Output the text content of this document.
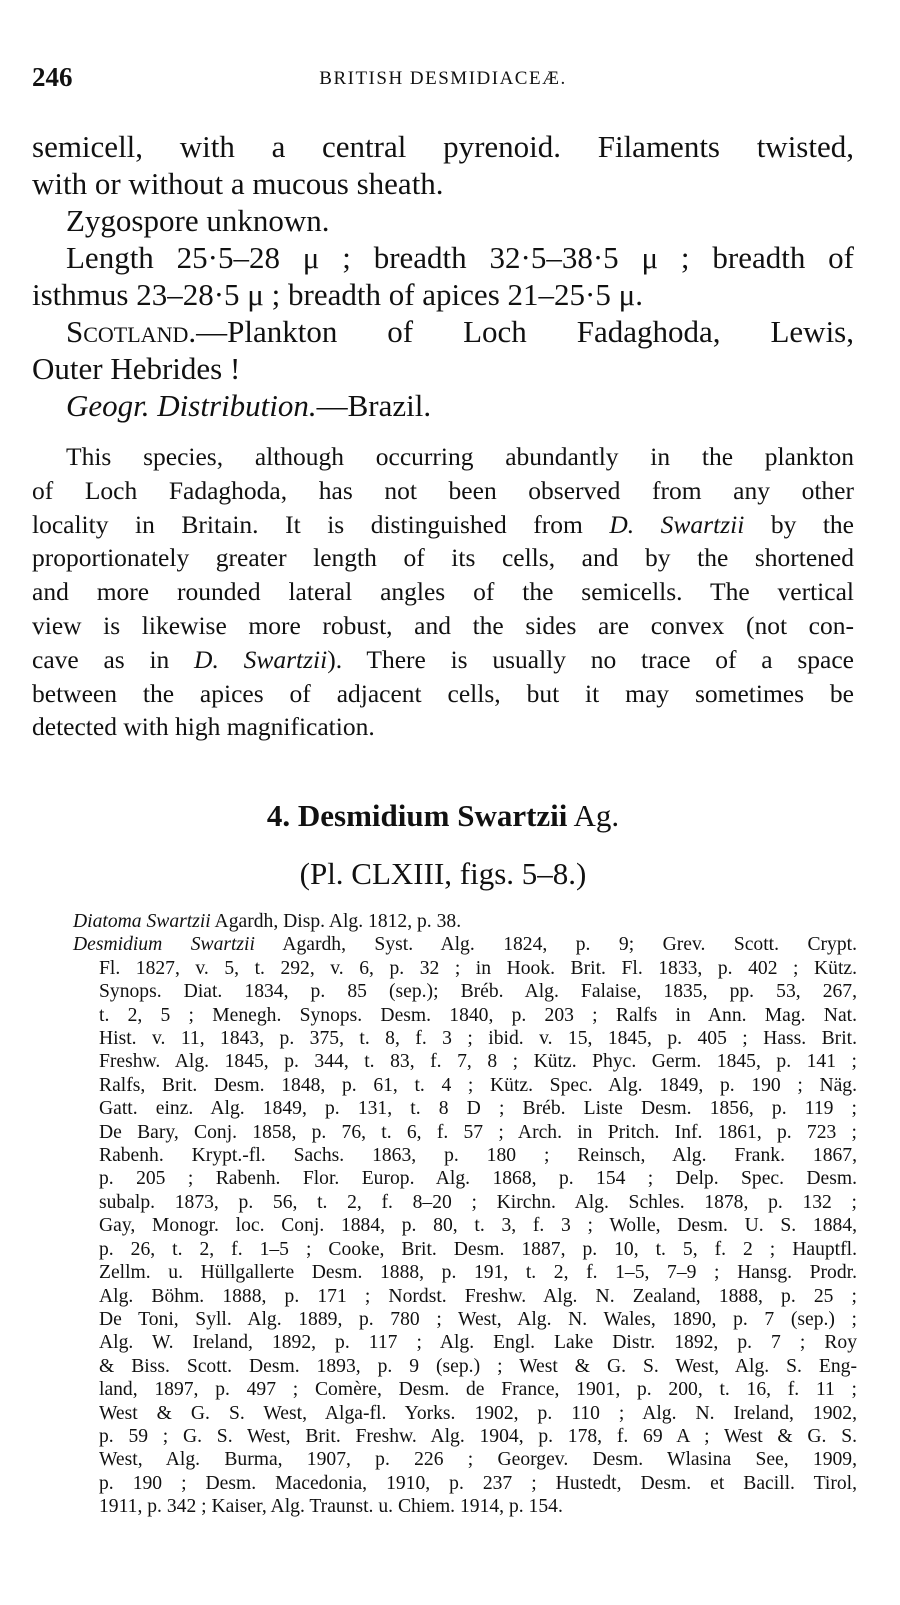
246	BRITISH DESMIDIACEÆ.
semicell, with a central pyrenoid. Filaments twisted,
with or without a mucous sheath.
Zygospore unknown.
Length 25·5–28 μ ; breadth 32·5–38·5 μ ; breadth of
isthmus 23–28·5 μ ; breadth of apices 21–25·5 μ.
Scotland.—Plankton of Loch Fadaghoda, Lewis,
Outer Hebrides !
Geogr. Distribution.—Brazil.
This species, although occurring abundantly in the plankton
of Loch Fadaghoda, has not been observed from any other
locality in Britain. It is distinguished from D. Swartzii by the
proportionately greater length of its cells, and by the shortened
and more rounded lateral angles of the semicells. The vertical
view is likewise more robust, and the sides are convex (not con-
cave as in D. Swartzii). There is usually no trace of a space
between the apices of adjacent cells, but it may sometimes be
detected with high magnification.
4. Desmidium Swartzii Ag.
(Pl. CLXIII, figs. 5–8.)
Diatoma Swartzii Agardh, Disp. Alg. 1812, p. 38.
Desmidium Swartzii Agardh, Syst. Alg. 1824, p. 9; Grev. Scott. Crypt.
Fl. 1827, v. 5, t. 292, v. 6, p. 32 ; in Hook. Brit. Fl. 1833, p. 402 ; Kütz.
Synops. Diat. 1834, p. 85 (sep.); Bréb. Alg. Falaise, 1835, pp. 53, 267,
t. 2, 5 ; Menegh. Synops. Desm. 1840, p. 203 ; Ralfs in Ann. Mag. Nat.
Hist. v. 11, 1843, p. 375, t. 8, f. 3 ; ibid. v. 15, 1845, p. 405 ; Hass. Brit.
Freshw. Alg. 1845, p. 344, t. 83, f. 7, 8 ; Kütz. Phyc. Germ. 1845, p. 141 ;
Ralfs, Brit. Desm. 1848, p. 61, t. 4 ; Kütz. Spec. Alg. 1849, p. 190 ; Näg.
Gatt. einz. Alg. 1849, p. 131, t. 8 D ; Bréb. Liste Desm. 1856, p. 119 ;
De Bary, Conj. 1858, p. 76, t. 6, f. 57 ; Arch. in Pritch. Inf. 1861, p. 723 ;
Rabenh. Krypt.-fl. Sachs. 1863, p. 180 ; Reinsch, Alg. Frank. 1867,
p. 205 ; Rabenh. Flor. Europ. Alg. 1868, p. 154 ; Delp. Spec. Desm.
subalp. 1873, p. 56, t. 2, f. 8–20 ; Kirchn. Alg. Schles. 1878, p. 132 ;
Gay, Monogr. loc. Conj. 1884, p. 80, t. 3, f. 3 ; Wolle, Desm. U. S. 1884,
p. 26, t. 2, f. 1–5 ; Cooke, Brit. Desm. 1887, p. 10, t. 5, f. 2 ; Hauptfl.
Zellm. u. Hüllgallerte Desm. 1888, p. 191, t. 2, f. 1–5, 7–9 ; Hansg. Prodr.
Alg. Böhm. 1888, p. 171 ; Nordst. Freshw. Alg. N. Zealand, 1888, p. 25 ;
De Toni, Syll. Alg. 1889, p. 780 ; West, Alg. N. Wales, 1890, p. 7 (sep.) ;
Alg. W. Ireland, 1892, p. 117 ; Alg. Engl. Lake Distr. 1892, p. 7 ; Roy
& Biss. Scott. Desm. 1893, p. 9 (sep.) ; West & G. S. West, Alg. S. Eng-
land, 1897, p. 497 ; Comère, Desm. de France, 1901, p. 200, t. 16, f. 11 ;
West & G. S. West, Alga-fl. Yorks. 1902, p. 110 ; Alg. N. Ireland, 1902,
p. 59 ; G. S. West, Brit. Freshw. Alg. 1904, p. 178, f. 69 A ; West & G. S.
West, Alg. Burma, 1907, p. 226 ; Georgev. Desm. Wlasina See, 1909,
p. 190 ; Desm. Macedonia, 1910, p. 237 ; Hustedt, Desm. et Bacill. Tirol,
1911, p. 342 ; Kaiser, Alg. Traunst. u. Chiem. 1914, p. 154.
